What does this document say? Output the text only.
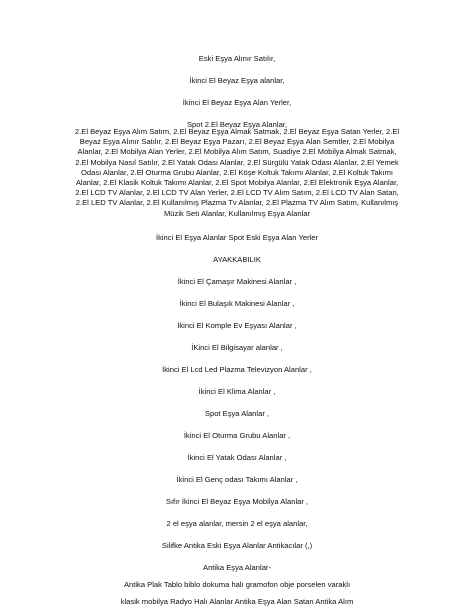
Eski Eşya Alınır Satılır,
İkinci El Beyaz Eşya alanlar,
İkinci El Beyaz Eşya Alan Yerler,
Spot 2.El Beyaz Eşya Alanlar,
2.El Beyaz Eşya Alım Satım, 2.El Beyaz Eşya Almak Satmak, 2.El Beyaz Eşya Satan Yerler, 2.El Beyaz Eşya Alınır Satılır, 2.El Beyaz Eşya Pazarı, 2.El Beyaz Eşya Alan Semtler, 2.El Mobilya Alanlar, 2.El Mobilya Alan Yerler, 2.El Mobilya Alım Satım, Suadiye 2.El Mobilya Almak Satmak, 2.El Mobilya Nasıl Satılır, 2.El Yatak Odası Alanlar, 2.El Sürgülü Yatak Odası Alanlar, 2.El Yemek Odası Alanlar, 2.El Oturma Grubu Alanlar, 2.El Köşe Koltuk Takımı Alanlar, 2.El Koltuk Takımı Alanlar, 2.El Klasik Koltuk Takımı Alanlar, 2.El Spot Mobilya Alanlar, 2.El Elektronik Eşya Alanlar, 2.El LCD TV Alanlar, 2.El LCD TV Alan Yerler, 2.El LCD TV Alım Satım, 2.El LCD TV Alan Satan, 2.El LED TV Alanlar, 2.El Kullanılmış Plazma Tv Alanlar, 2.El Plazma TV Alım Satım, Kullanılmış Müzik Setı Alanlar, Kullanılmış Eşya Alanlar
İkinci El Eşya Alanlar Spot Eski Eşya Alan Yerler
AYAKKABILIK
İkinci El Çamaşır Makinesi Alanlar ,
İkinci El Bulaşık Makinesi Alanlar ,
İkinci El Komple Ev Eşyası Alanlar ,
İKinci El Bilgisayar alanlar ,
İkinci El Lcd Led Plazma Televizyon Alanlar ,
İkinci El Klima Alanlar ,
Spot Eşya Alanlar ,
İkinci El Oturma Grubu Alanlar ,
İkinci El Yatak Odası Alanlar ,
İkinci El Genç odası Takımı Alanlar ,
Sıfır İkinci El Beyaz Eşya Mobilya Alanlar ,
2 el eşya alanlar, mersin 2 el eşya alanlar,
Silifke Antika Eski Eşya Alanlar Antikacılar (,)
Antika Eşya Alanlar-
Antika Plak Tablo biblo dokuma halı gramofon obje porselen varaklı
klasik mobilya Radyo Halı Alanlar Antika Eşya Alan Satan Antika Alım
